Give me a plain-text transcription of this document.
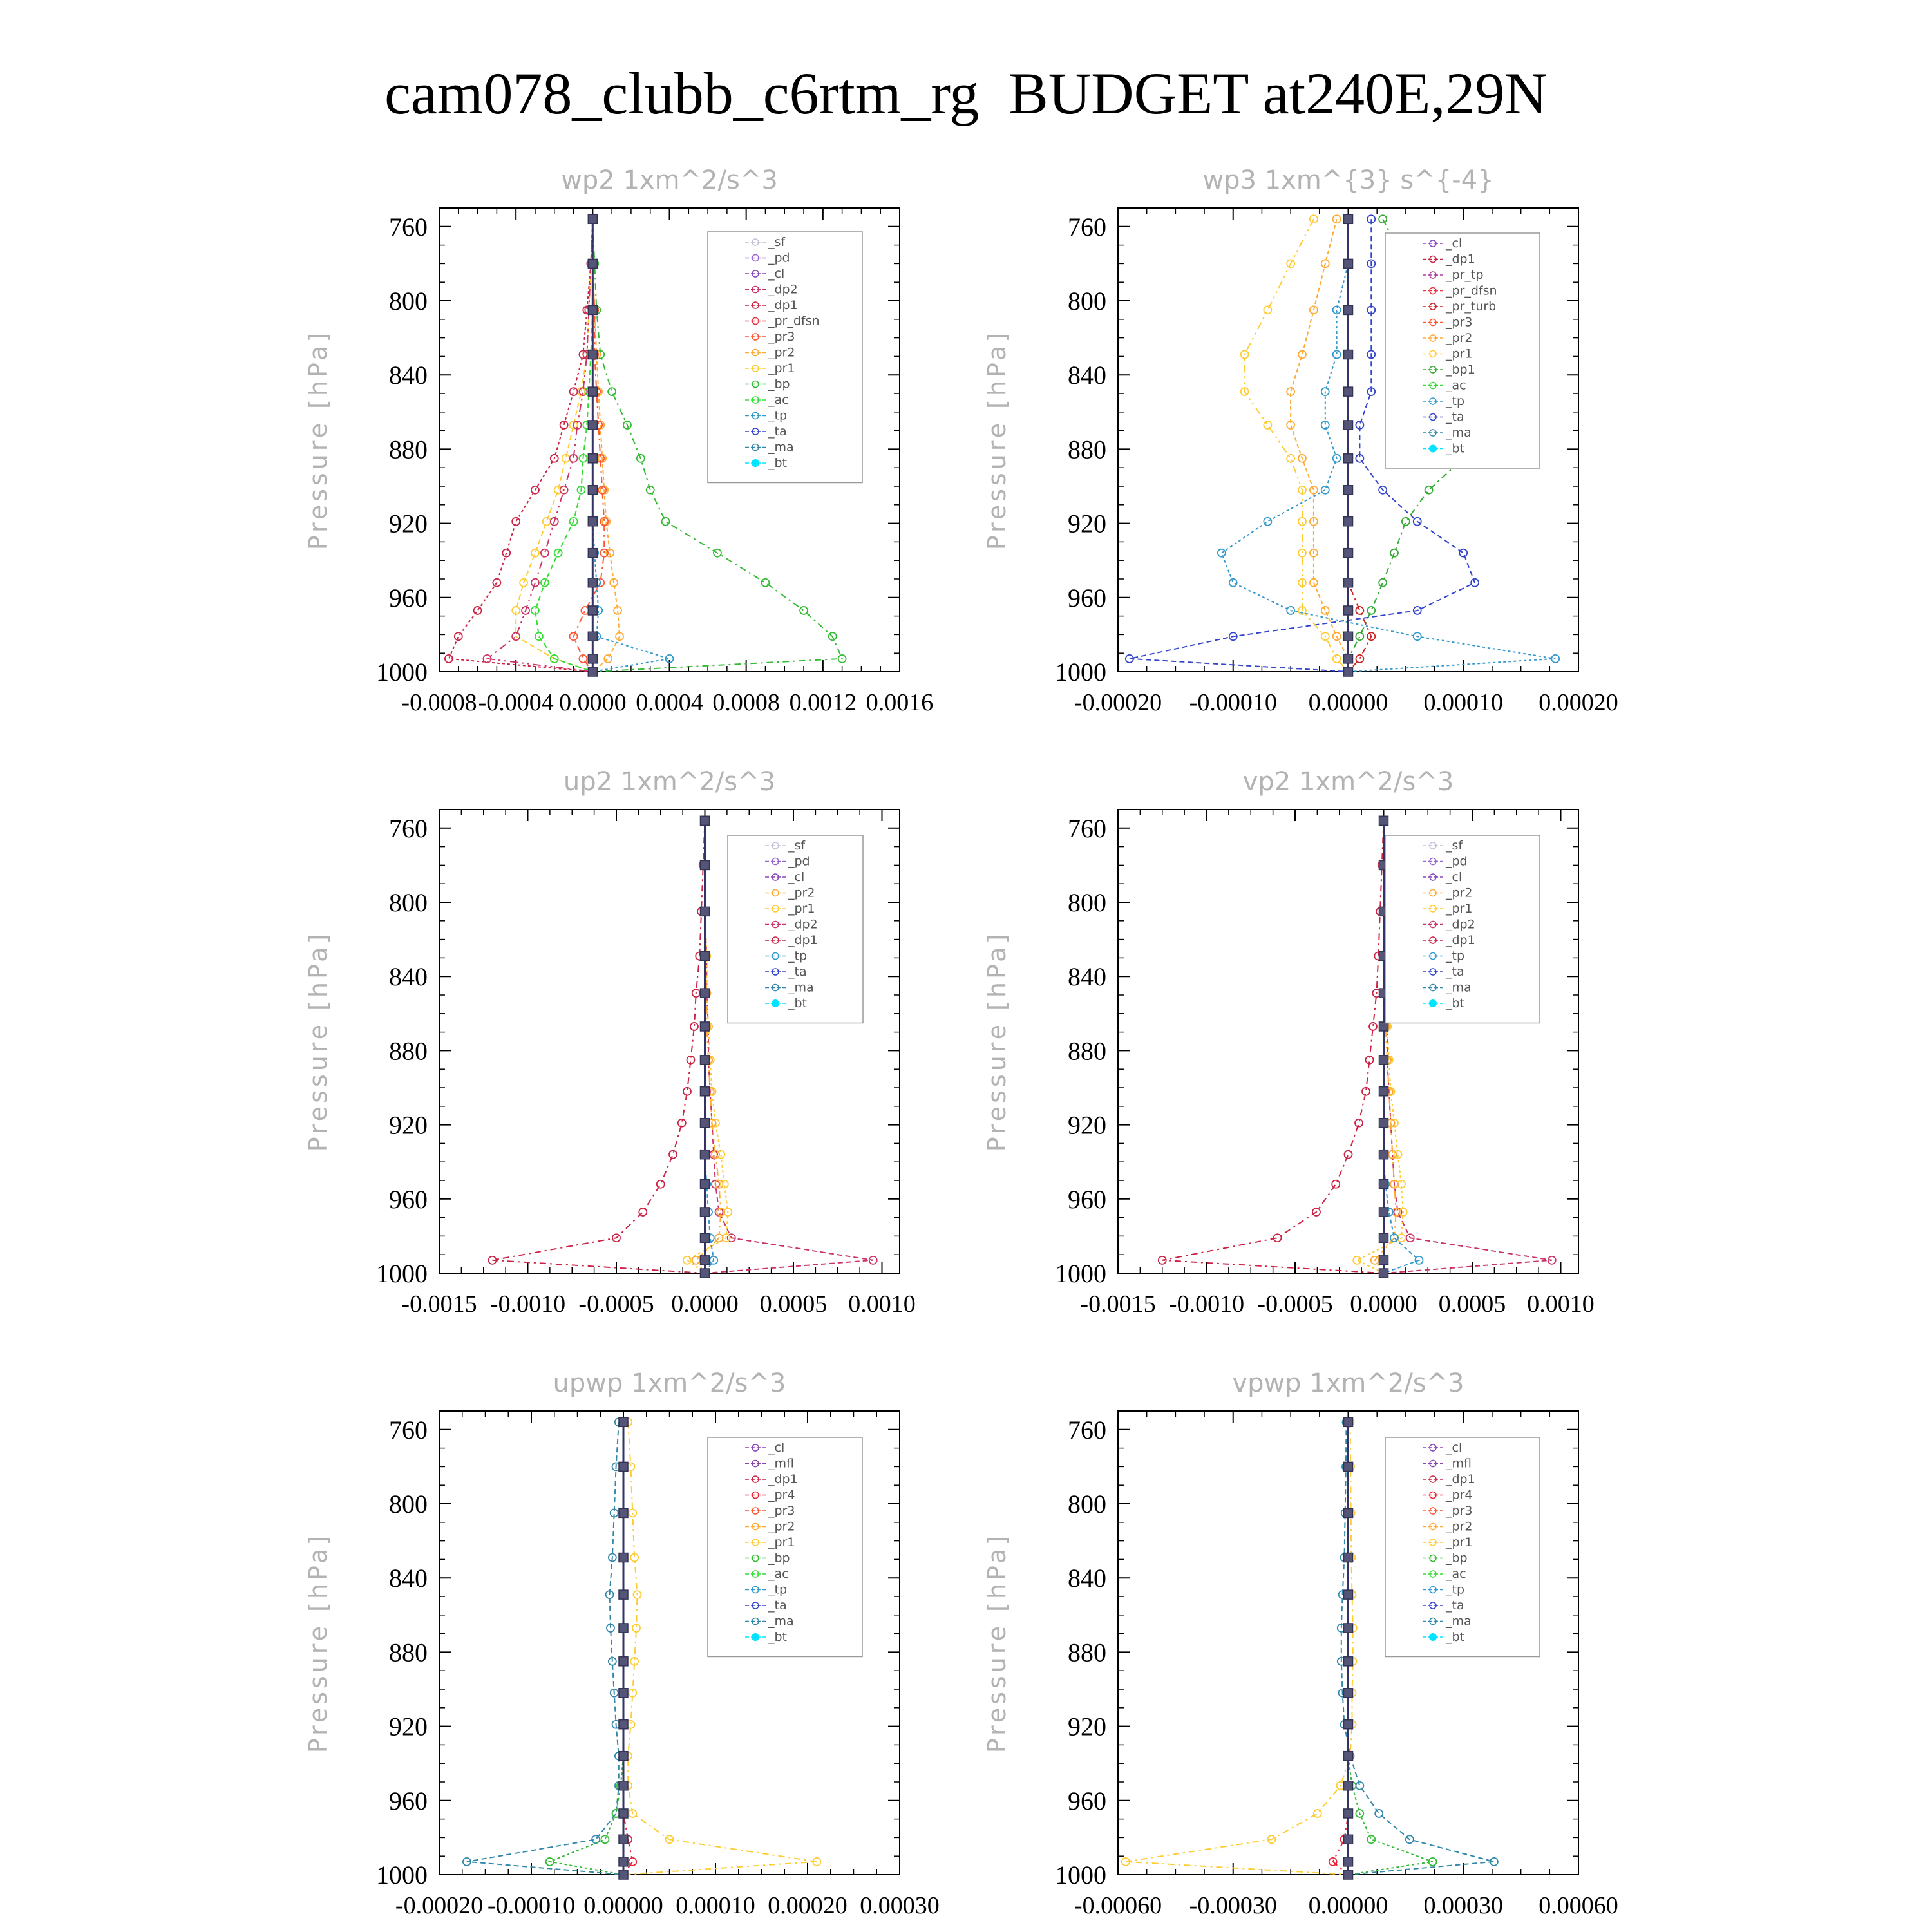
cam078_clubb_c6rtm_rg  BUDGET at240E,29N
wp2 1xm^2/s^3
Pressure [hPa]
760
800
840
880
920
960
1000
-0.0008 -0.0004 0.0000 0.0004 0.0008 0.0012 0.0016
_sf
_pd
_cl
_dp2
_dp1
_pr_dfsn
_pr3
_pr2
_pr1
_bp
_ac
_tp
_ta
_ma
_bt
wp3 1xm^{3} s^{-4}
Pressure [hPa]
760
800
840
880
920
960
1000
-0.00020 -0.00010 0.00000 0.00010 0.00020
_cl
_dp1
_pr_tp
_pr_dfsn
_pr_turb
_pr3
_pr2
_pr1
_bp1
_ac
_tp
_ta
_ma
_bt
up2 1xm^2/s^3
Pressure [hPa]
760
800
840
880
920
960
1000
-0.0015 -0.0010 -0.0005 0.0000 0.0005 0.0010
_sf
_pd
_cl
_pr2
_pr1
_dp2
_dp1
_tp
_ta
_ma
_bt
vp2 1xm^2/s^3
Pressure [hPa]
760
800
840
880
920
960
1000
-0.0015 -0.0010 -0.0005 0.0000 0.0005 0.0010
_sf
_pd
_cl
_pr2
_pr1
_dp2
_dp1
_tp
_ta
_ma
_bt
upwp 1xm^2/s^3
Pressure [hPa]
760
800
840
880
920
960
1000
-0.00020 -0.00010 0.00000 0.00010 0.00020 0.00030
_cl
_mfl
_dp1
_pr4
_pr3
_pr2
_pr1
_bp
_ac
_tp
_ta
_ma
_bt
vpwp 1xm^2/s^3
Pressure [hPa]
760
800
840
880
920
960
1000
-0.00060 -0.00030 0.00000 0.00030 0.00060
_cl
_mfl
_dp1
_pr4
_pr3
_pr2
_pr1
_bp
_ac
_tp
_ta
_ma
_bt
